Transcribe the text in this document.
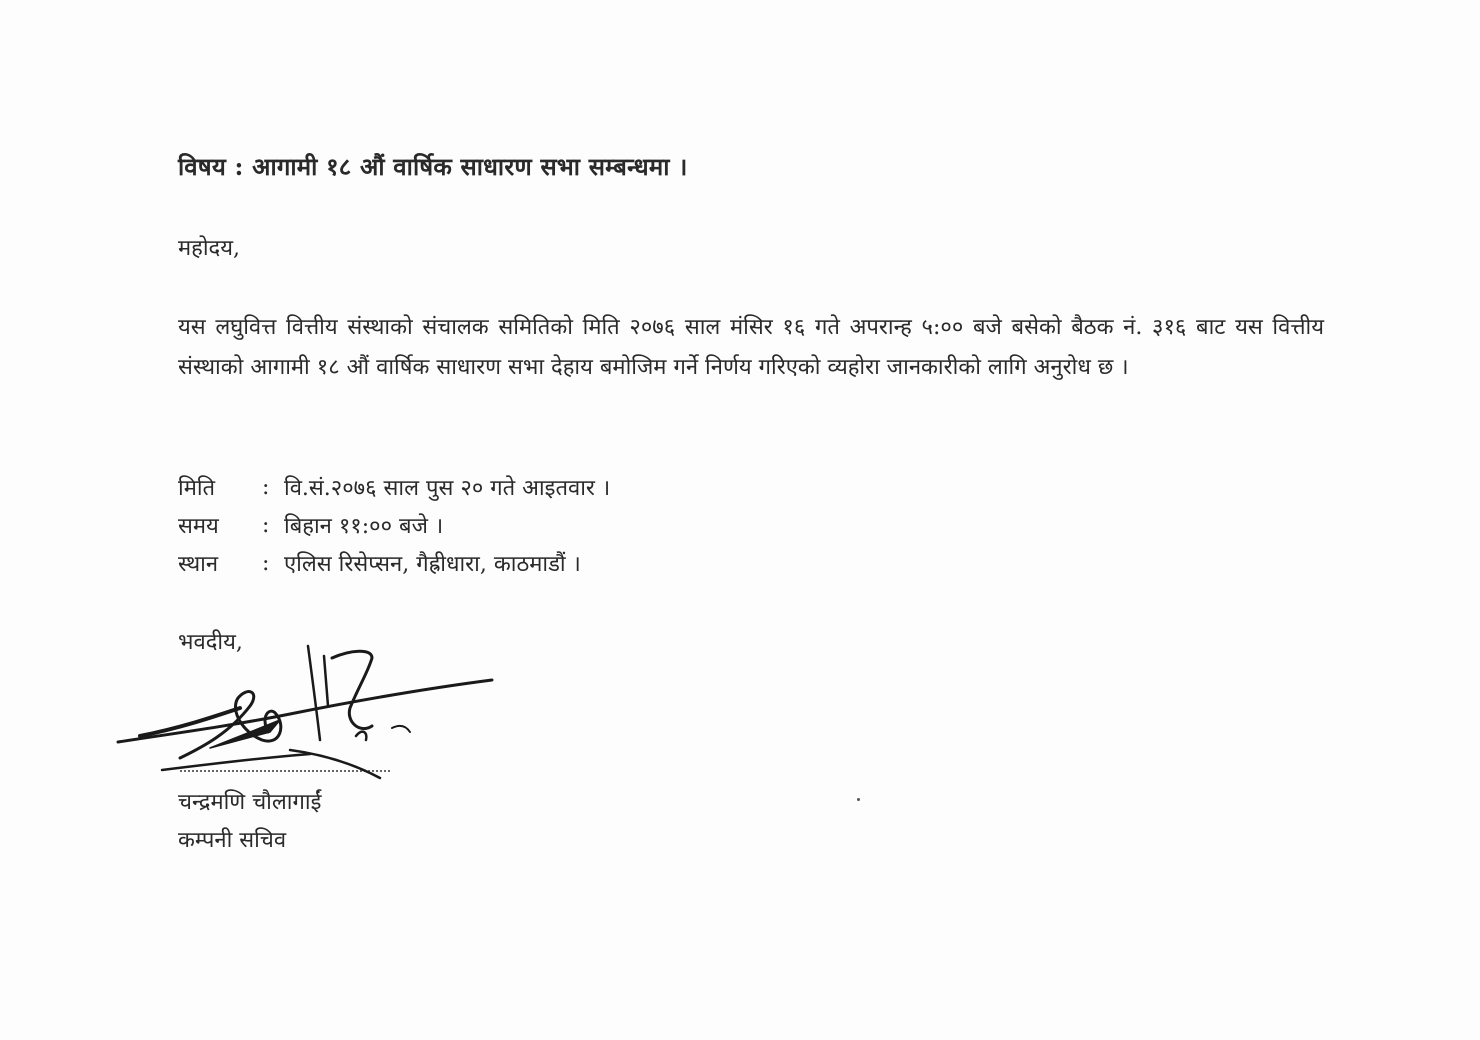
विषय : आगामी १८ औं वार्षिक साधारण सभा सम्बन्धमा ।
महोदय,
यस लघुवित्त वित्तीय संस्थाको संचालक समितिको मिति २०७६ साल मंसिर १६ गते अपरान्ह ५:०० बजे बसेको बैठक नं. ३१६ बाट यस वित्तीय संस्थाको आगामी १८ औं वार्षिक साधारण सभा देहाय बमोजिम गर्ने निर्णय गरिएको व्यहोरा जानकारीको लागि अनुरोध छ ।
मिति	: वि.सं.२०७६ साल पुस २० गते आइतवार ।
समय	: बिहान ११:०० बजे ।
स्थान	: एलिस रिसेप्सन, गैह्रीधारा, काठमाडौं ।
भवदीय,
चन्द्रमणि चौलागाईं
कम्पनी सचिव
